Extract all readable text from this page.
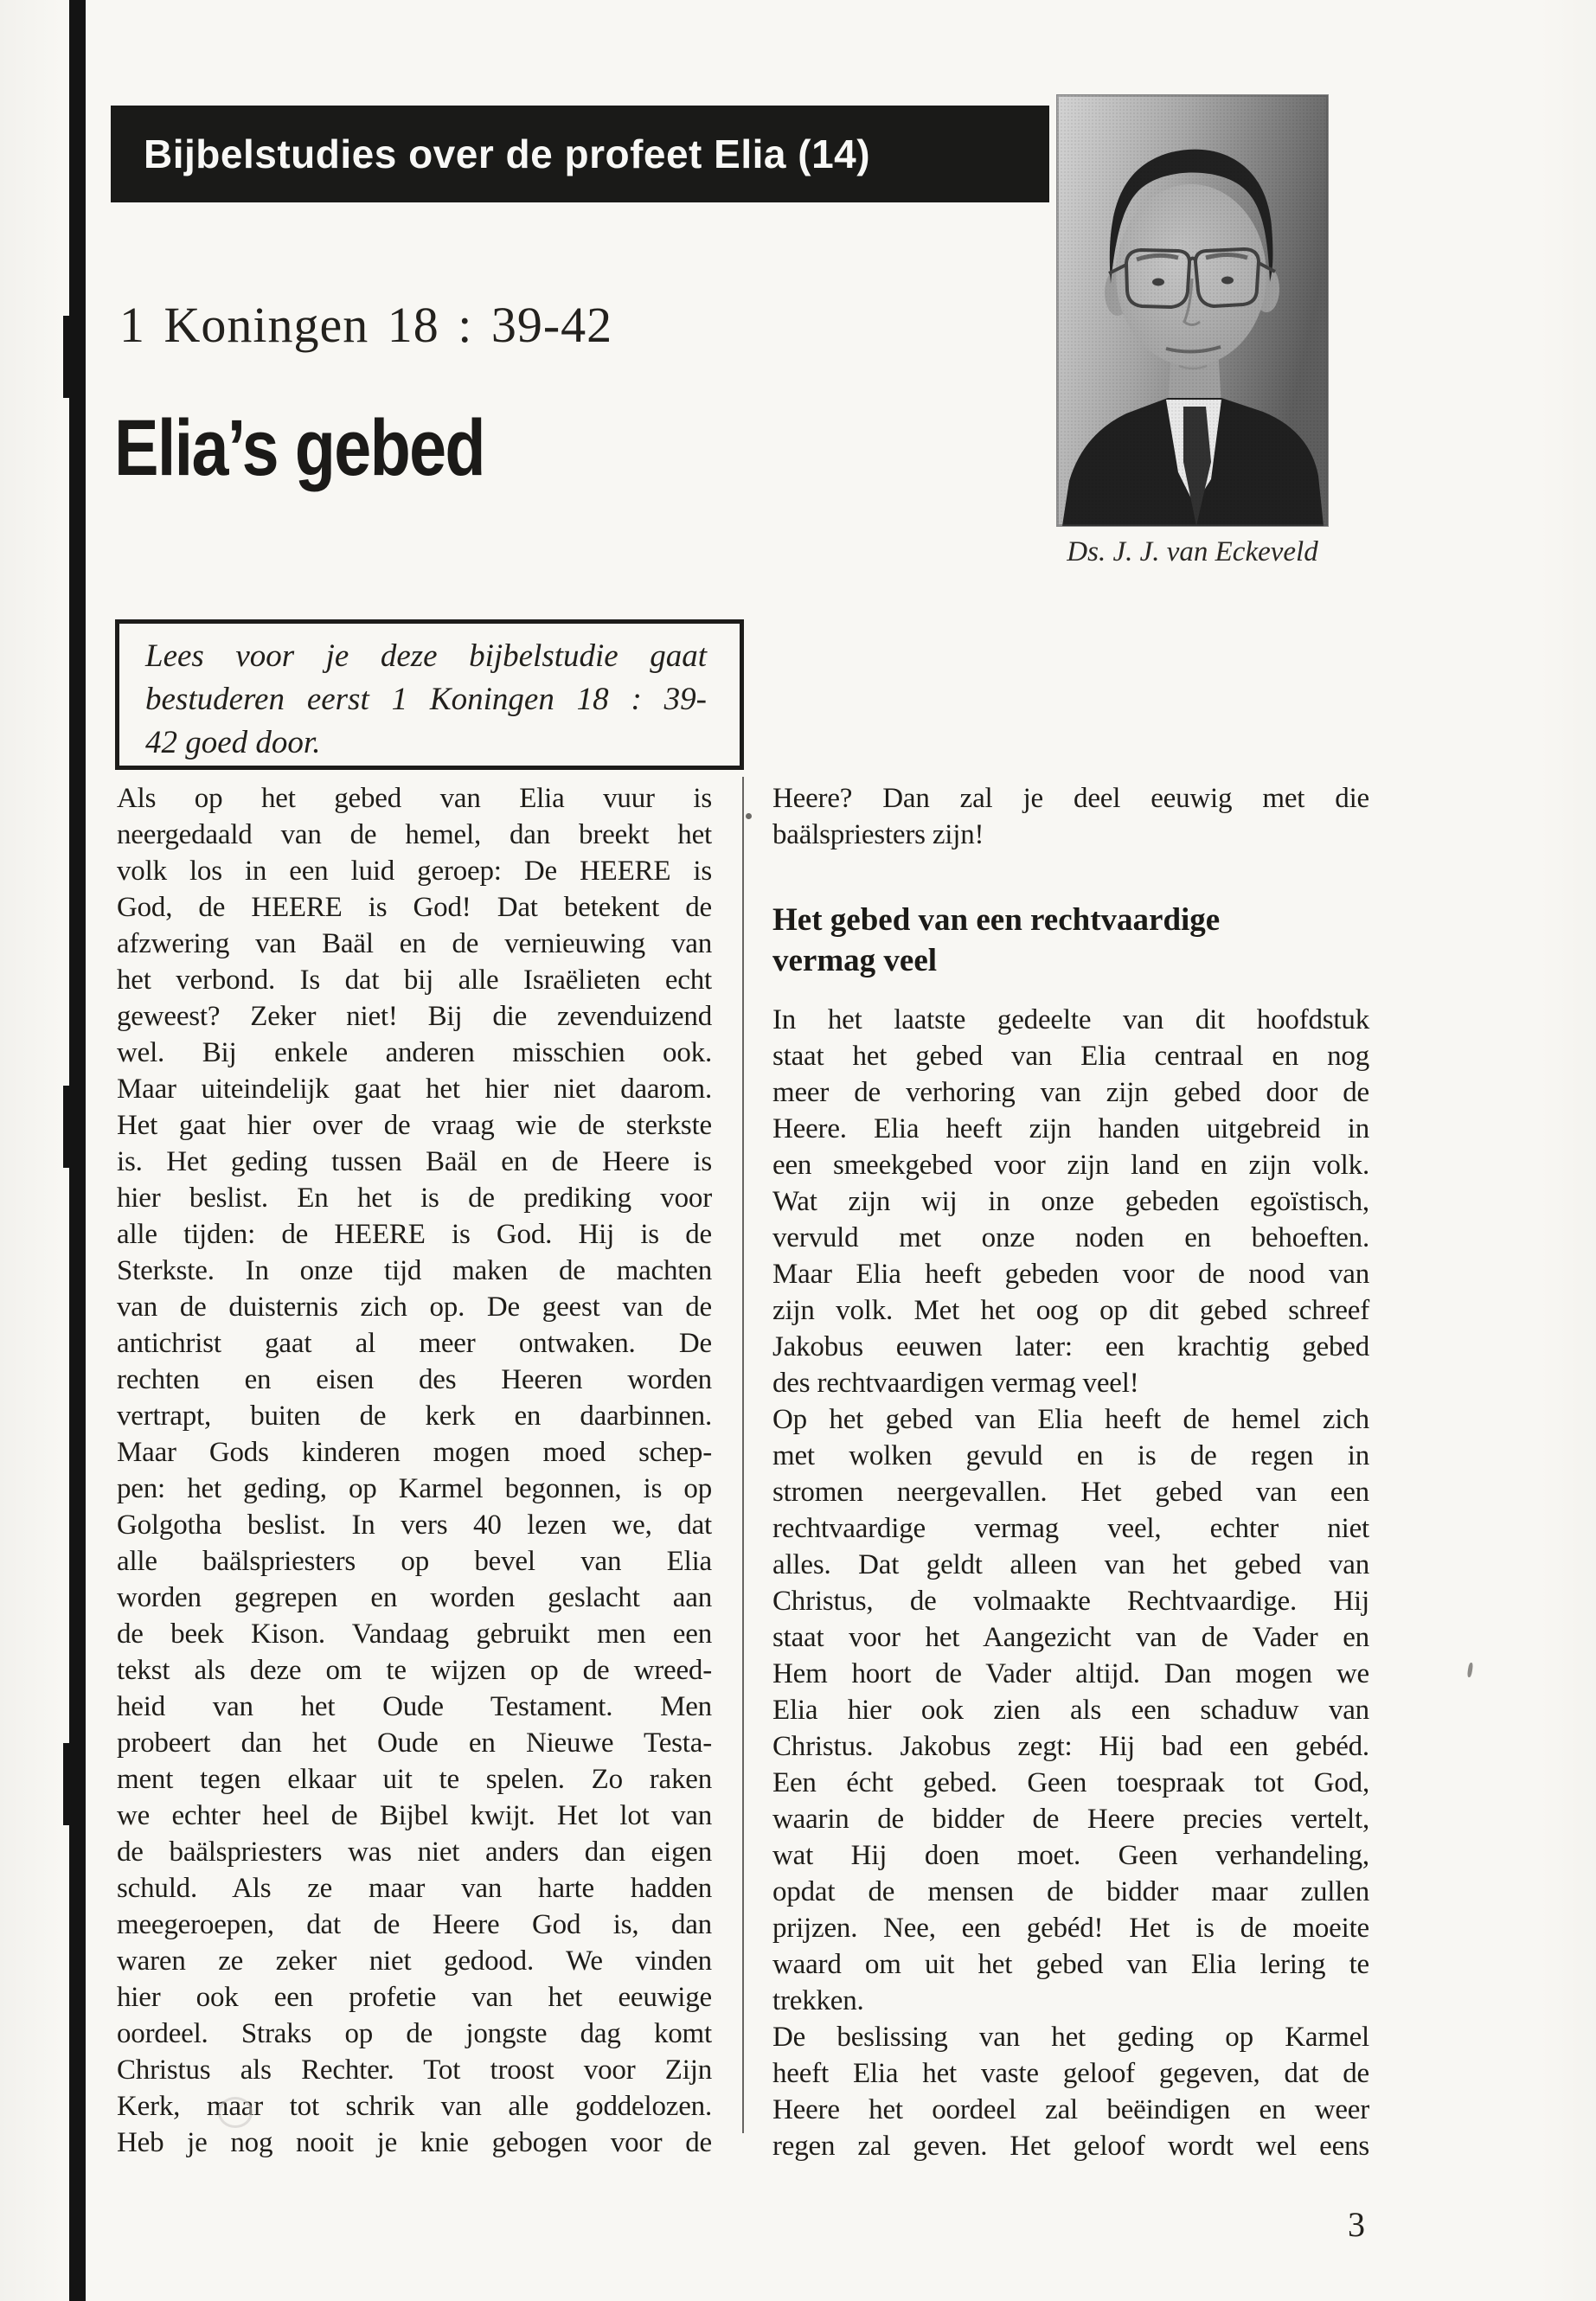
Bijbelstudies over de profeet Elia (14)
Ds. J. J. van Eckeveld
1 Koningen 18 : 39-42
Elia’s gebed
Lees voor je deze bijbelstudie gaat
bestuderen eerst 1 Koningen 18 : 39-
42 goed door.
Als op het gebed van Elia vuur is
neergedaald van de hemel, dan breekt het
volk los in een luid geroep: De HEERE is
God, de HEERE is God! Dat betekent de
afzwering van Baäl en de vernieuwing van
het verbond. Is dat bij alle Israëlieten echt
geweest? Zeker niet! Bij die zevenduizend
wel. Bij enkele anderen misschien ook.
Maar uiteindelijk gaat het hier niet daarom.
Het gaat hier over de vraag wie de sterkste
is. Het geding tussen Baäl en de Heere is
hier beslist. En het is de prediking voor
alle tijden: de HEERE is God. Hij is de
Sterkste. In onze tijd maken de machten
van de duisternis zich op. De geest van de
antichrist gaat al meer ontwaken. De
rechten en eisen des Heeren worden
vertrapt, buiten de kerk en daarbinnen.
Maar Gods kinderen mogen moed schep-
pen: het geding, op Karmel begonnen, is op
Golgotha beslist. In vers 40 lezen we, dat
alle baälspriesters op bevel van Elia
worden gegrepen en worden geslacht aan
de beek Kison. Vandaag gebruikt men een
tekst als deze om te wijzen op de wreed-
heid van het Oude Testament. Men
probeert dan het Oude en Nieuwe Testa-
ment tegen elkaar uit te spelen. Zo raken
we echter heel de Bijbel kwijt. Het lot van
de baälspriesters was niet anders dan eigen
schuld. Als ze maar van harte hadden
meegeroepen, dat de Heere God is, dan
waren ze zeker niet gedood. We vinden
hier ook een profetie van het eeuwige
oordeel. Straks op de jongste dag komt
Christus als Rechter. Tot troost voor Zijn
Kerk, maar tot schrik van alle goddelozen.
Heb je nog nooit je knie gebogen voor de
Heere? Dan zal je deel eeuwig met die
baälspriesters zijn!
Het gebed van een rechtvaardige
vermag veel
In het laatste gedeelte van dit hoofdstuk
staat het gebed van Elia centraal en nog
meer de verhoring van zijn gebed door de
Heere. Elia heeft zijn handen uitgebreid in
een smeekgebed voor zijn land en zijn volk.
Wat zijn wij in onze gebeden egoïstisch,
vervuld met onze noden en behoeften.
Maar Elia heeft gebeden voor de nood van
zijn volk. Met het oog op dit gebed schreef
Jakobus eeuwen later: een krachtig gebed
des rechtvaardigen vermag veel!
Op het gebed van Elia heeft de hemel zich
met wolken gevuld en is de regen in
stromen neergevallen. Het gebed van een
rechtvaardige vermag veel, echter niet
alles. Dat geldt alleen van het gebed van
Christus, de volmaakte Rechtvaardige. Hij
staat voor het Aangezicht van de Vader en
Hem hoort de Vader altijd. Dan mogen we
Elia hier ook zien als een schaduw van
Christus. Jakobus zegt: Hij bad een gebéd.
Een écht gebed. Geen toespraak tot God,
waarin de bidder de Heere precies vertelt,
wat Hij doen moet. Geen verhandeling,
opdat de mensen de bidder maar zullen
prijzen. Nee, een gebéd! Het is de moeite
waard om uit het gebed van Elia lering te
trekken.
De beslissing van het geding op Karmel
heeft Elia het vaste geloof gegeven, dat de
Heere het oordeel zal beëindigen en weer
regen zal geven. Het geloof wordt wel eens
3
